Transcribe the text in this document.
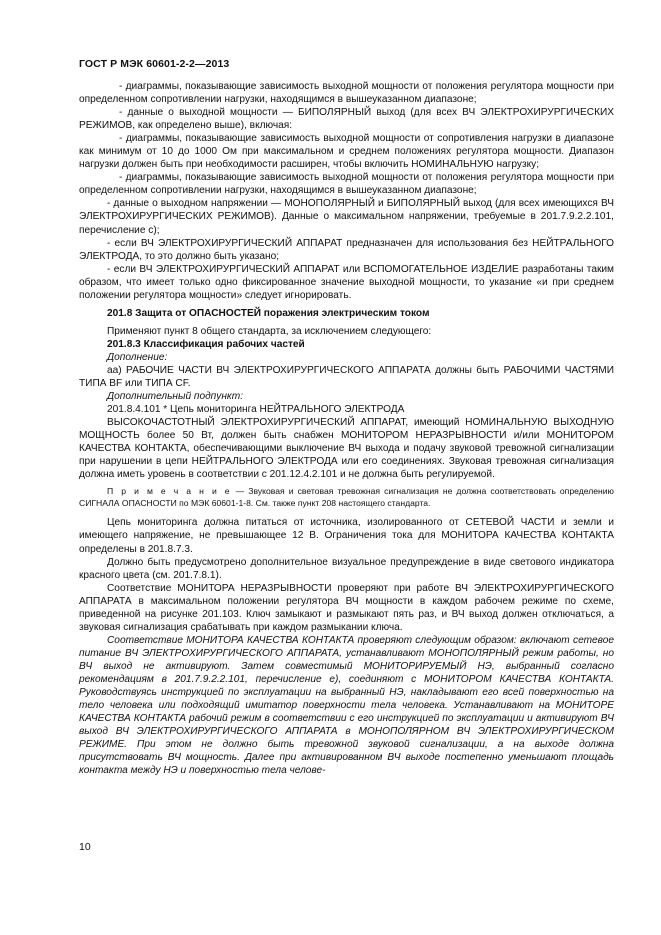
ГОСТ Р МЭК 60601-2-2—2013

- диаграммы, показывающие зависимость выходной мощности от положения регулятора мощности при определенном сопротивлении нагрузки, находящимся в вышеуказанном диапазоне;

- данные о выходной мощности — БИПОЛЯРНЫЙ выход (для всех ВЧ ЭЛЕКТРОХИРУРГИЧЕСКИХ РЕЖИМОВ, как определено выше), включая:

- диаграммы, показывающие зависимость выходной мощности от сопротивления нагрузки в диапазоне как минимум от 10 до 1000 Ом при максимальном и среднем положениях регулятора мощности. Диапазон нагрузки должен быть при необходимости расширен, чтобы включить НОМИНАЛЬНУЮ нагрузку;

- диаграммы, показывающие зависимость выходной мощности от положения регулятора мощности при определенном сопротивлении нагрузки, находящимся в вышеуказанном диапазоне;

- данные о выходном напряжении — МОНОПОЛЯРНЫЙ и БИПОЛЯРНЫЙ выход (для всех имеющихся ВЧ ЭЛЕКТРОХИРУРГИЧЕСКИХ РЕЖИМОВ). Данные о максимальном напряжении, требуемые в 201.7.9.2.2.101, перечисление с);

- если ВЧ ЭЛЕКТРОХИРУРГИЧЕСКИЙ АППАРАТ предназначен для использования без НЕЙТРАЛЬНОГО ЭЛЕКТРОДА, то это должно быть указано;

- если ВЧ ЭЛЕКТРОХИРУРГИЧЕСКИЙ АППАРАТ или ВСПОМОГАТЕЛЬНОЕ ИЗДЕЛИЕ разработаны таким образом, что имеет только одно фиксированное значение выходной мощности, то указание «и при среднем положении регулятора мощности» следует игнорировать.

201.8 Защита от ОПАСНОСТЕЙ поражения электрическим током

Применяют пункт 8 общего стандарта, за исключением следующего:

201.8.3 Классификация рабочих частей

Дополнение:

аа) РАБОЧИЕ ЧАСТИ ВЧ ЭЛЕКТРОХИРУРГИЧЕСКОГО АППАРАТА должны быть РАБОЧИМИ ЧАСТЯМИ ТИПА BF или ТИПА CF.

Дополнительный подпункт:

201.8.4.101 * Цепь мониторинга НЕЙТРАЛЬНОГО ЭЛЕКТРОДА

ВЫСОКОЧАСТОТНЫЙ ЭЛЕКТРОХИРУРГИЧЕСКИЙ АППАРАТ, имеющий НОМИНАЛЬНУЮ ВЫХОДНУЮ МОЩНОСТЬ более 50 Вт, должен быть снабжен МОНИТОРОМ НЕРАЗРЫВНОСТИ и/или МОНИТОРОМ КАЧЕСТВА КОНТАКТА, обеспечивающими выключение ВЧ выхода и подачу звуковой тревожной сигнализации при нарушении в цепи НЕЙТРАЛЬНОГО ЭЛЕКТРОДА или его соединениях. Звуковая тревожная сигнализация должна иметь уровень в соответствии с 201.12.4.2.101 и не должна быть регулируемой.

П р и м е ч а н и е — Звуковая и световая тревожная сигнализация не должна соответствовать определению СИГНАЛА ОПАСНОСТИ по МЭК 60601-1-8. См. также пункт 208 настоящего стандарта.

Цепь мониторинга должна питаться от источника, изолированного от СЕТЕВОЙ ЧАСТИ и земли и имеющего напряжение, не превышающее 12 В. Ограничения тока для МОНИТОРА КАЧЕСТВА КОНТАКТА определены в 201.8.7.3.

Должно быть предусмотрено дополнительное визуальное предупреждение в виде светового индикатора красного цвета (см. 201.7.8.1).

Соответствие МОНИТОРА НЕРАЗРЫВНОСТИ проверяют при работе ВЧ ЭЛЕКТРОХИРУРГИЧЕСКОГО АППАРАТА в максимальном положении регулятора ВЧ мощности в каждом рабочем режиме по схеме, приведенной на рисунке 201.103. Ключ замыкают и размыкают пять раз, и ВЧ выход должен отключаться, а звуковая сигнализация срабатывать при каждом размыкании ключа.

Соответствие МОНИТОРА КАЧЕСТВА КОНТАКТА проверяют следующим образом: включают сетевое питание ВЧ ЭЛЕКТРОХИРУРГИЧЕСКОГО АППАРАТА, устанавливают МОНОПОЛЯРНЫЙ режим работы, но ВЧ выход не активируют. Затем совместимый МОНИТОРИРУЕМЫЙ НЭ, выбранный согласно рекомендациям в 201.7.9.2.2.101, перечисление е), соединяют с МОНИТОРОМ КАЧЕСТВА КОНТАКТА. Руководствуясь инструкцией по эксплуатации на выбранный НЭ, накладывают его всей поверхностью на тело человека или подходящий имитатор поверхности тела человека. Устанавливают на МОНИТОРЕ КАЧЕСТВА КОНТАКТА рабочий режим в соответствии с его инструкцией по эксплуатации и активируют ВЧ выход ВЧ ЭЛЕКТРОХИРУРГИЧЕСКОГО АППАРАТА в МОНОПОЛЯРНОМ ВЧ ЭЛЕКТРОХИРУРГИЧЕСКОМ РЕЖИМЕ. При этом не должно быть тревожной звуковой сигнализации, а на выходе должна присутствовать ВЧ мощность. Далее при активированном ВЧ выходе постепенно уменьшают площадь контакта между НЭ и поверхностью тела челове-

10
